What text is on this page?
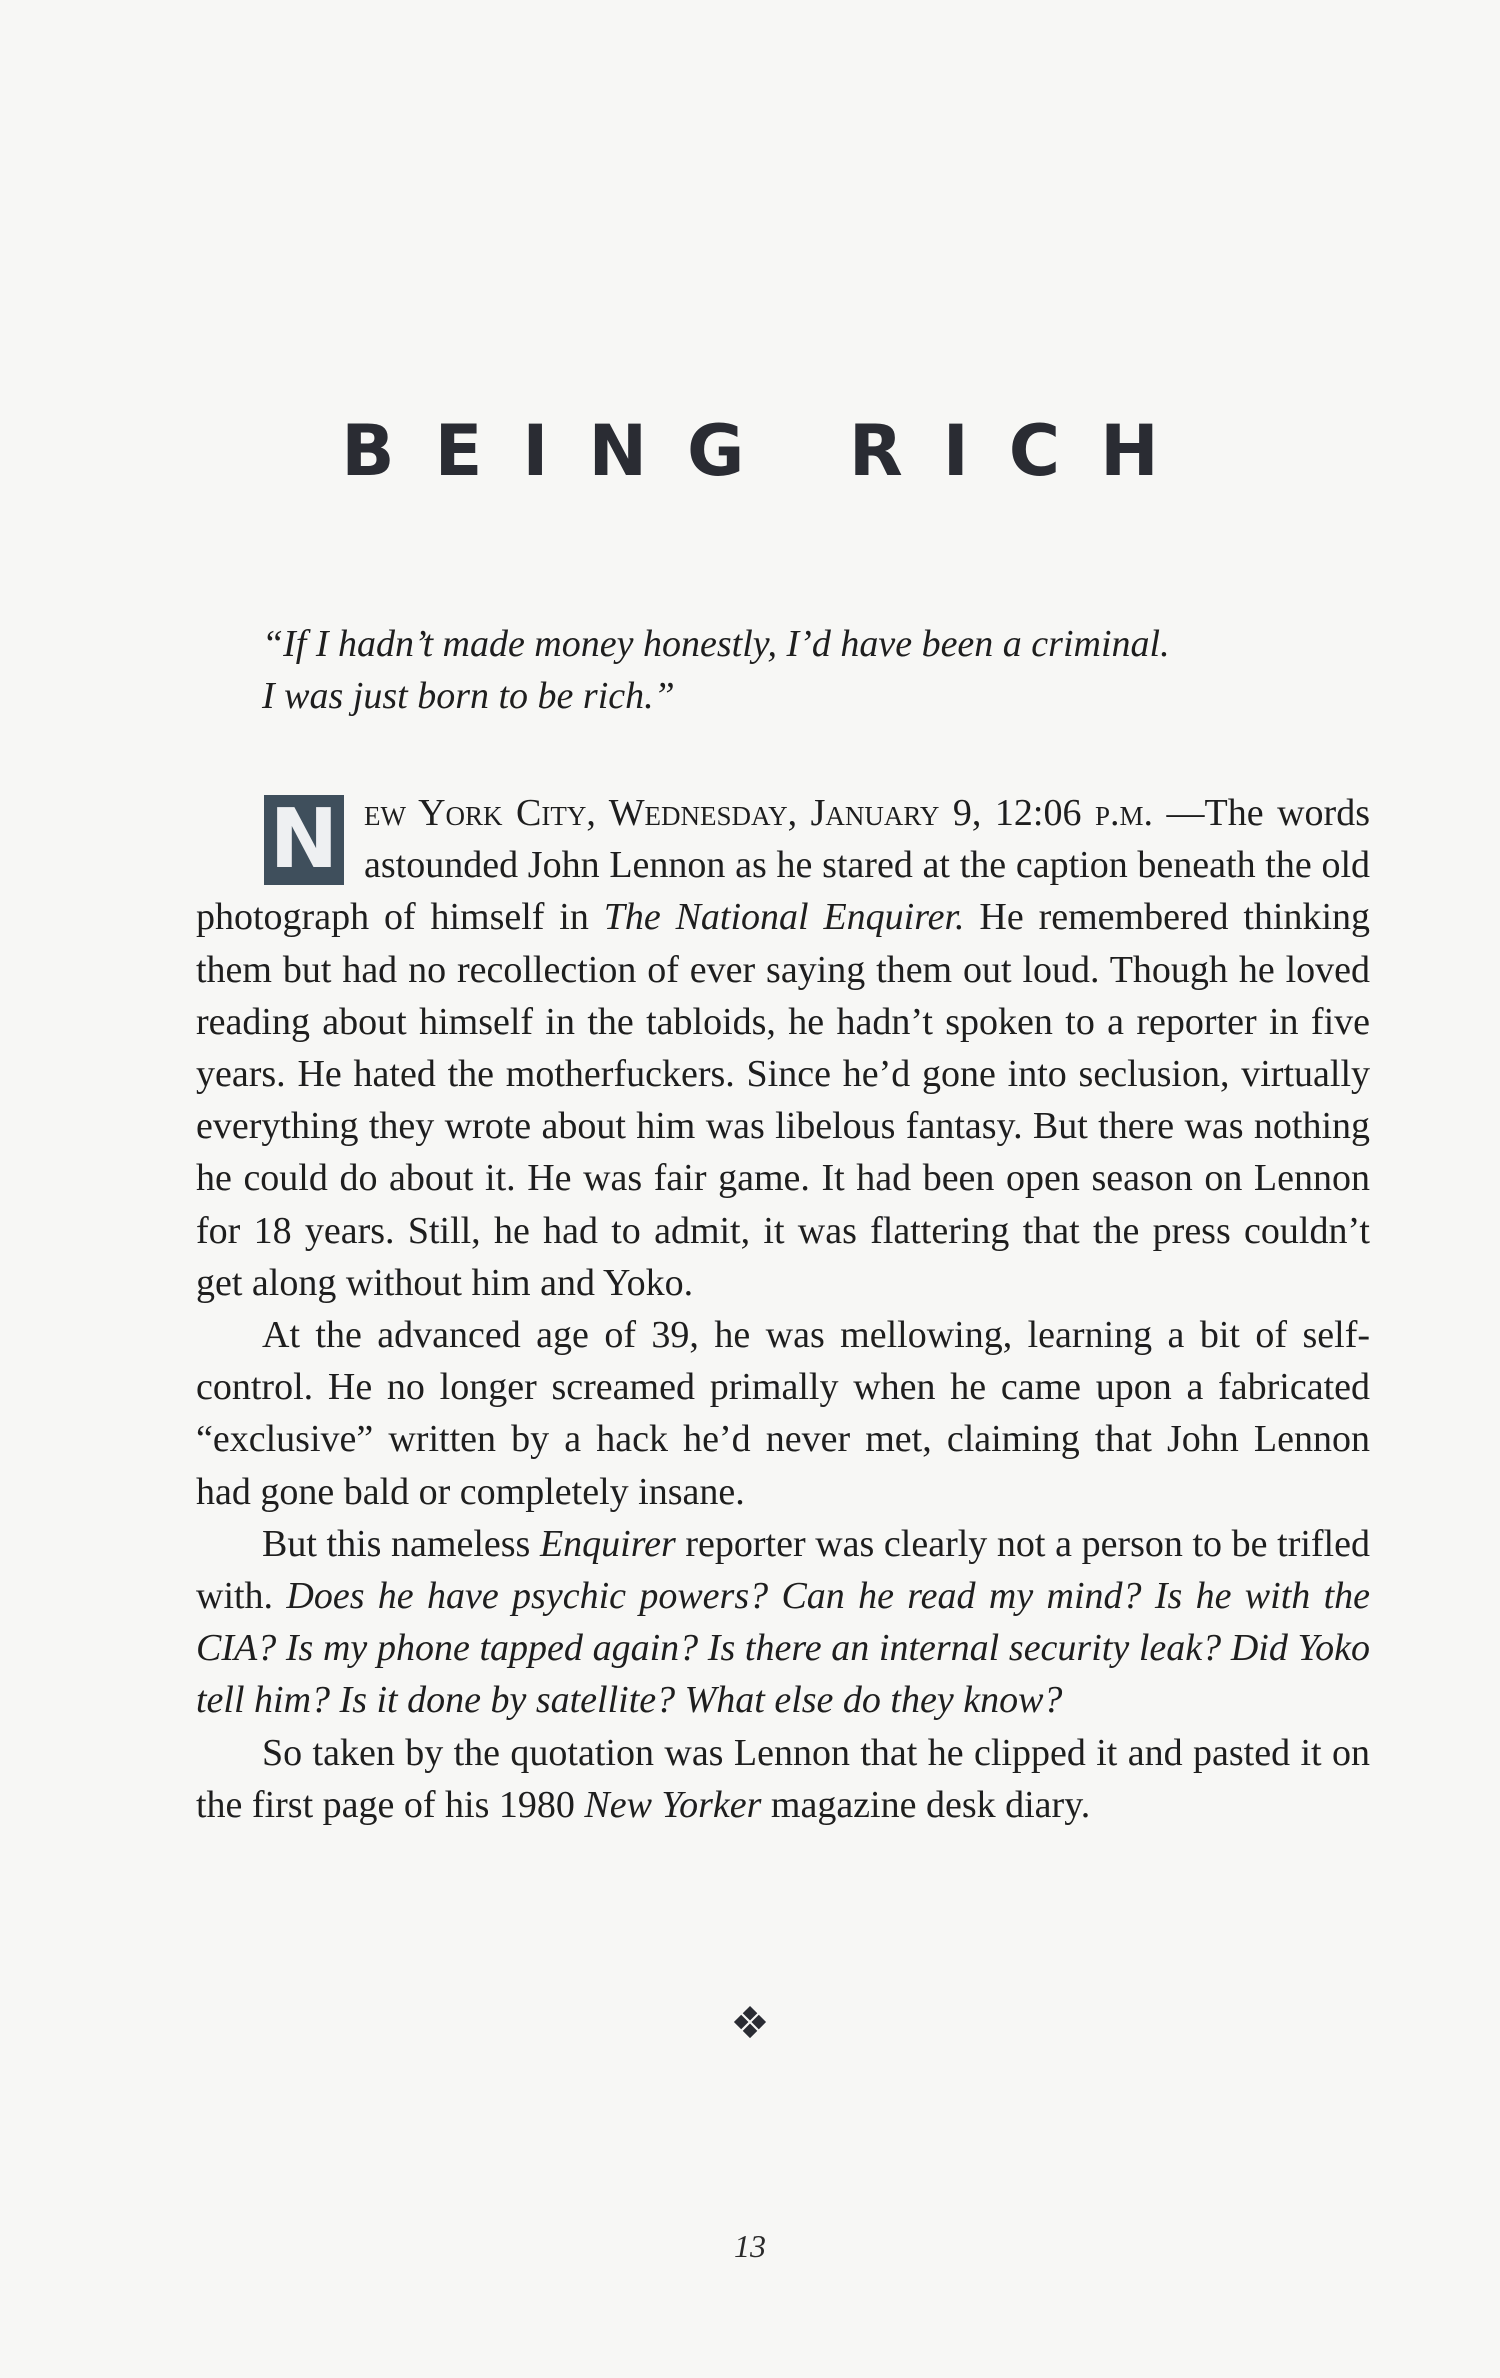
BEING RICH
“If I hadn’t made money honestly, I’d have been a criminal.
I was just born to be rich.”

N ew York City, Wednesday, January 9, 12:06 p.m. —The words astounded John Lennon as he stared at the caption beneath the old photograph of himself in The National Enquirer. He remembered thinking them but had no recollection of ever saying them out loud. Though he loved reading about himself in the tabloids, he hadn’t spoken to a reporter in five years. He hated the motherfuckers. Since he’d gone into seclusion, virtually everything they wrote about him was libelous fantasy. But there was nothing he could do about it. He was fair game. It had been open season on Lennon for 18 years. Still, he had to admit, it was flattering that the press couldn’t get along without him and Yoko.

At the advanced age of 39, he was mellowing, learning a bit of self-control. He no longer screamed primally when he came upon a fabricated “exclusive” written by a hack he’d never met, claiming that John Lennon had gone bald or completely insane.

But this nameless Enquirer reporter was clearly not a person to be trifled with. Does he have psychic powers? Can he read my mind? Is he with the CIA? Is my phone tapped again? Is there an internal security leak? Did Yoko tell him? Is it done by satellite? What else do they know?

So taken by the quotation was Lennon that he clipped it and pasted it on the first page of his 1980 New Yorker magazine desk diary.

❖
13
